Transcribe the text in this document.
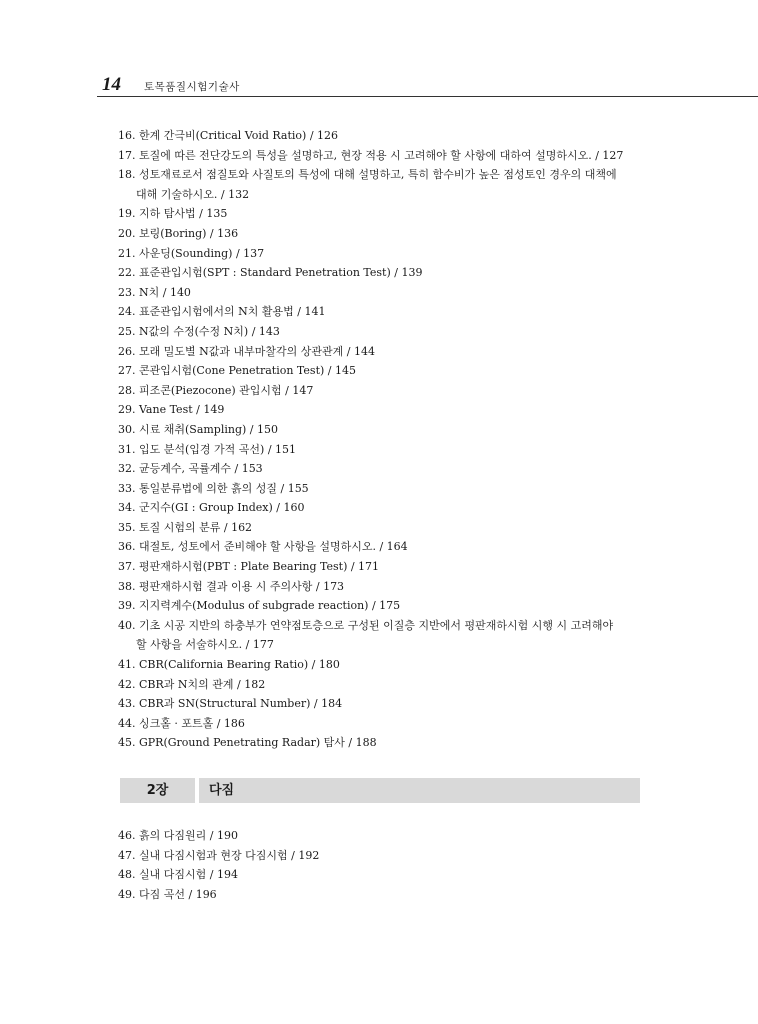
14 토목품질시험기술사
16. 한계 간극비(Critical Void Ratio) / 126
17. 토질에 따른 전단강도의 특성을 설명하고, 현장 적용 시 고려해야 할 사항에 대하여 설명하시오. / 127
18. 성토재료로서 점질토와 사질토의 특성에 대해 설명하고, 특히 함수비가 높은 점성토인 경우의 대책에
대해 기술하시오. / 132
19. 지하 탐사법 / 135
20. 보링(Boring) / 136
21. 사운딩(Sounding) / 137
22. 표준관입시험(SPT : Standard Penetration Test) / 139
23. N치 / 140
24. 표준관입시험에서의 N치 활용법 / 141
25. N값의 수정(수정 N치) / 143
26. 모래 밀도별 N값과 내부마찰각의 상관관계 / 144
27. 콘관입시험(Cone Penetration Test) / 145
28. 피조콘(Piezocone) 관입시험 / 147
29. Vane Test / 149
30. 시료 채취(Sampling) / 150
31. 입도 분석(입경 가적 곡선) / 151
32. 균등계수, 곡률계수 / 153
33. 통일분류법에 의한 흙의 성질 / 155
34. 군지수(GI : Group Index) / 160
35. 토질 시험의 분류 / 162
36. 대절토, 성토에서 준비해야 할 사항을 설명하시오. / 164
37. 평판재하시험(PBT : Plate Bearing Test) / 171
38. 평판재하시험 결과 이용 시 주의사항 / 173
39. 지지력계수(Modulus of subgrade reaction) / 175
40. 기초 시공 지반의 하충부가 연약점토층으로 구성된 이질층 지반에서 평판재하시험 시행 시 고려해야
할 사항을 서술하시오. / 177
41. CBR(California Bearing Ratio) / 180
42. CBR과 N치의 관계 / 182
43. CBR과 SN(Structural Number) / 184
44. 싱크홀 · 포트홀 / 186
45. GPR(Ground Penetrating Radar) 탐사 / 188
2장	다짐
46. 흙의 다짐원리 / 190
47. 실내 다짐시험과 현장 다짐시험 / 192
48. 실내 다짐시험 / 194
49. 다짐 곡선 / 196
